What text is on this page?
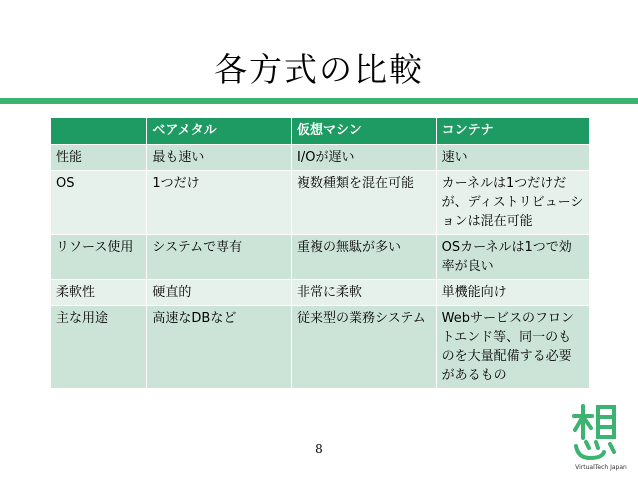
各方式の比較
	ベアメタル	仮想マシン	コンテナ
性能	最も速い	I/Oが遅い	速い
OS	1つだけ	複数種類を混在可能	カーネルは1つだけだが、ディストリビューションは混在可能
リソース使用	システムで専有	重複の無駄が多い	OSカーネルは1つで効率が良い
柔軟性	硬直的	非常に柔軟	単機能向け
主な用途	高速なDBなど	従来型の業務システム	Webサービスのフロントエンド等、同一のものを大量配備する必要があるもの
8
VirtualTech Japan
